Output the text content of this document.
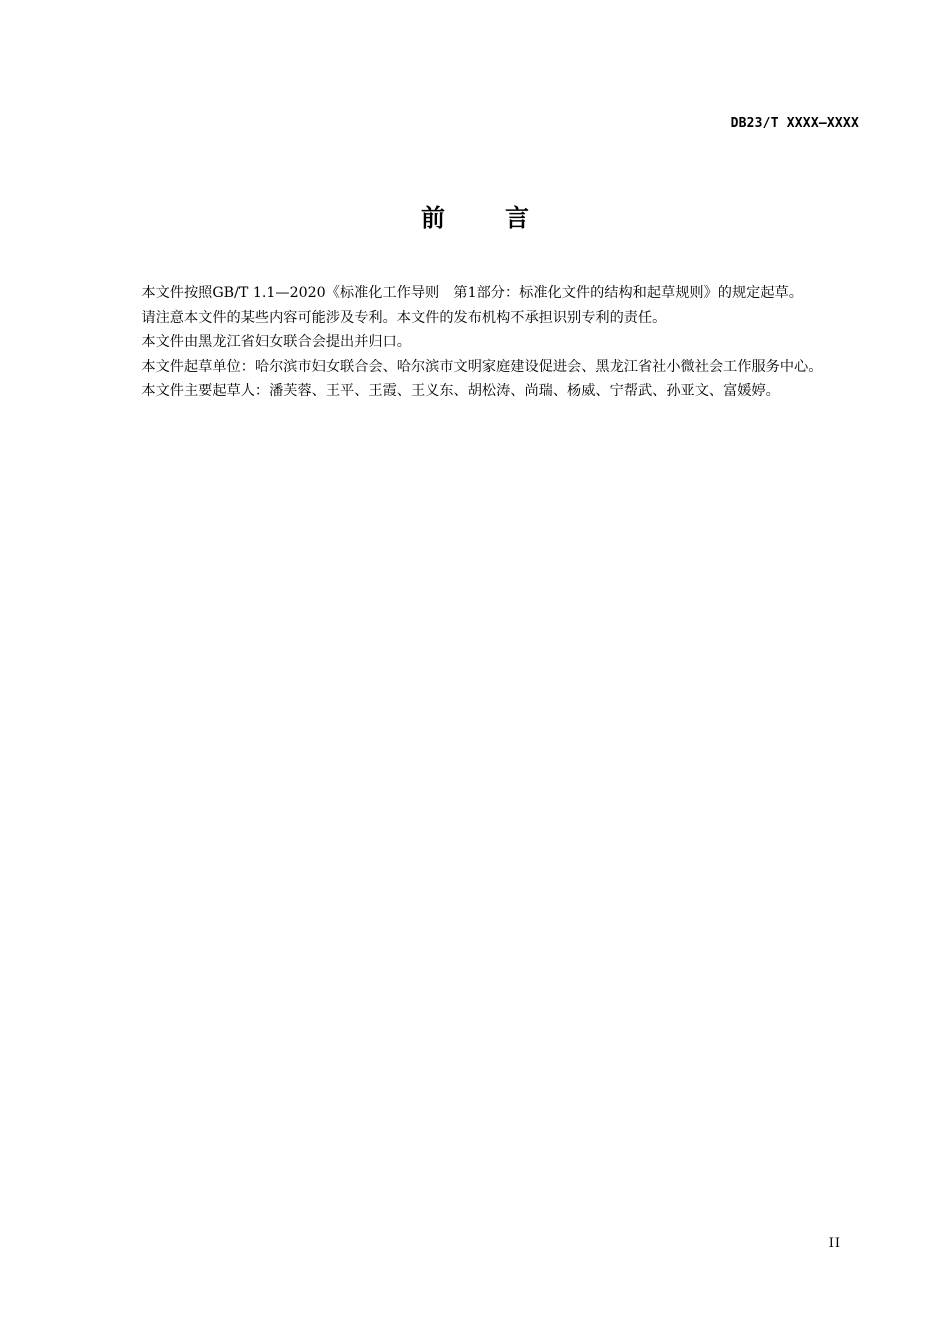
DB23/T XXXX—XXXX
前	言

本文件按照GB/T 1.1—2020《标准化工作导则　第1部分：标准化文件的结构和起草规则》的规定起草。

请注意本文件的某些内容可能涉及专利。本文件的发布机构不承担识别专利的责任。

本文件由黑龙江省妇女联合会提出并归口。

本文件起草单位：哈尔滨市妇女联合会、哈尔滨市文明家庭建设促进会、黑龙江省社小微社会工作服务中心。

本文件主要起草人：潘芙蓉、王平、王霞、王义东、胡松涛、尚瑞、杨威、宁帮武、孙亚文、富媛婷。

II
